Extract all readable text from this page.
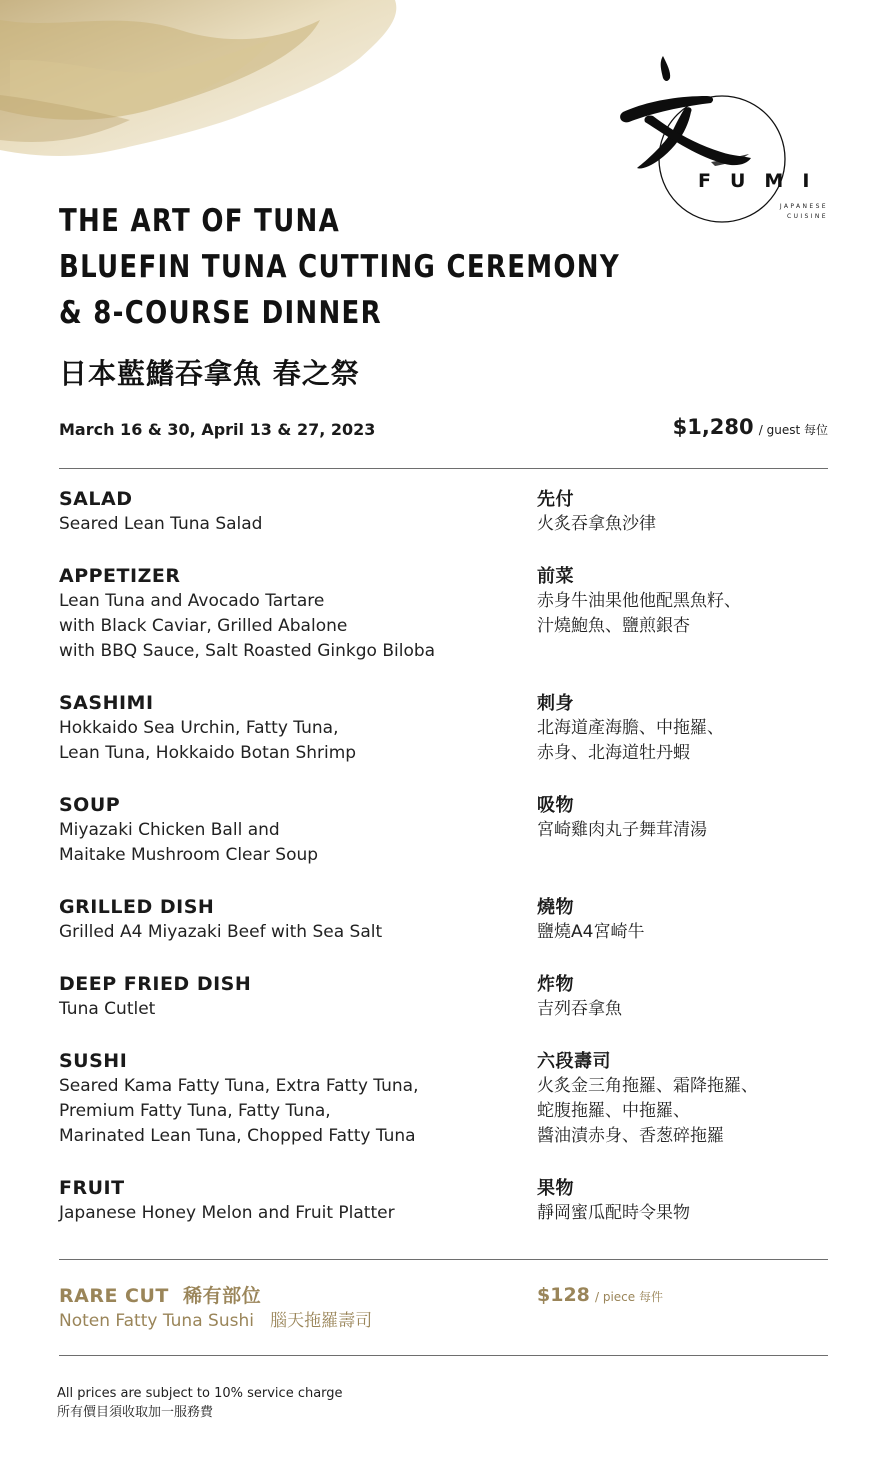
FUMI
JAPANESE
CUISINE
THE ART OF TUNA
BLUEFIN TUNA CUTTING CEREMONY
& 8-COURSE DINNER
日本藍鰭吞拿魚 春之祭
March 16 & 30, April 13 & 27, 2023	$1,280 / guest 每位
SALAD
Seared Lean Tuna Salad
先付
火炙吞拿魚沙律
APPETIZER
Lean Tuna and Avocado Tartare
with Black Caviar, Grilled Abalone
with BBQ Sauce, Salt Roasted Ginkgo Biloba
前菜
赤身牛油果他他配黑魚籽、
汁燒鮑魚、鹽煎銀杏
SASHIMI
Hokkaido Sea Urchin, Fatty Tuna,
Lean Tuna, Hokkaido Botan Shrimp
刺身
北海道產海膽、中拖羅、
赤身、北海道牡丹蝦
SOUP
Miyazaki Chicken Ball and
Maitake Mushroom Clear Soup
吸物
宮崎雞肉丸子舞茸清湯
GRILLED DISH
Grilled A4 Miyazaki Beef with Sea Salt
燒物
鹽燒A4宮崎牛
DEEP FRIED DISH
Tuna Cutlet
炸物
吉列吞拿魚
SUSHI
Seared Kama Fatty Tuna, Extra Fatty Tuna,
Premium Fatty Tuna, Fatty Tuna,
Marinated Lean Tuna, Chopped Fatty Tuna
六段壽司
火炙金三角拖羅、霜降拖羅、
蛇腹拖羅、中拖羅、
醬油漬赤身、香葱碎拖羅
FRUIT
Japanese Honey Melon and Fruit Platter
果物
靜岡蜜瓜配時令果物
RARE CUT 稀有部位
Noten Fatty Tuna Sushi 腦天拖羅壽司
$128 / piece 每件
All prices are subject to 10% service charge
所有價目須收取加一服務費
